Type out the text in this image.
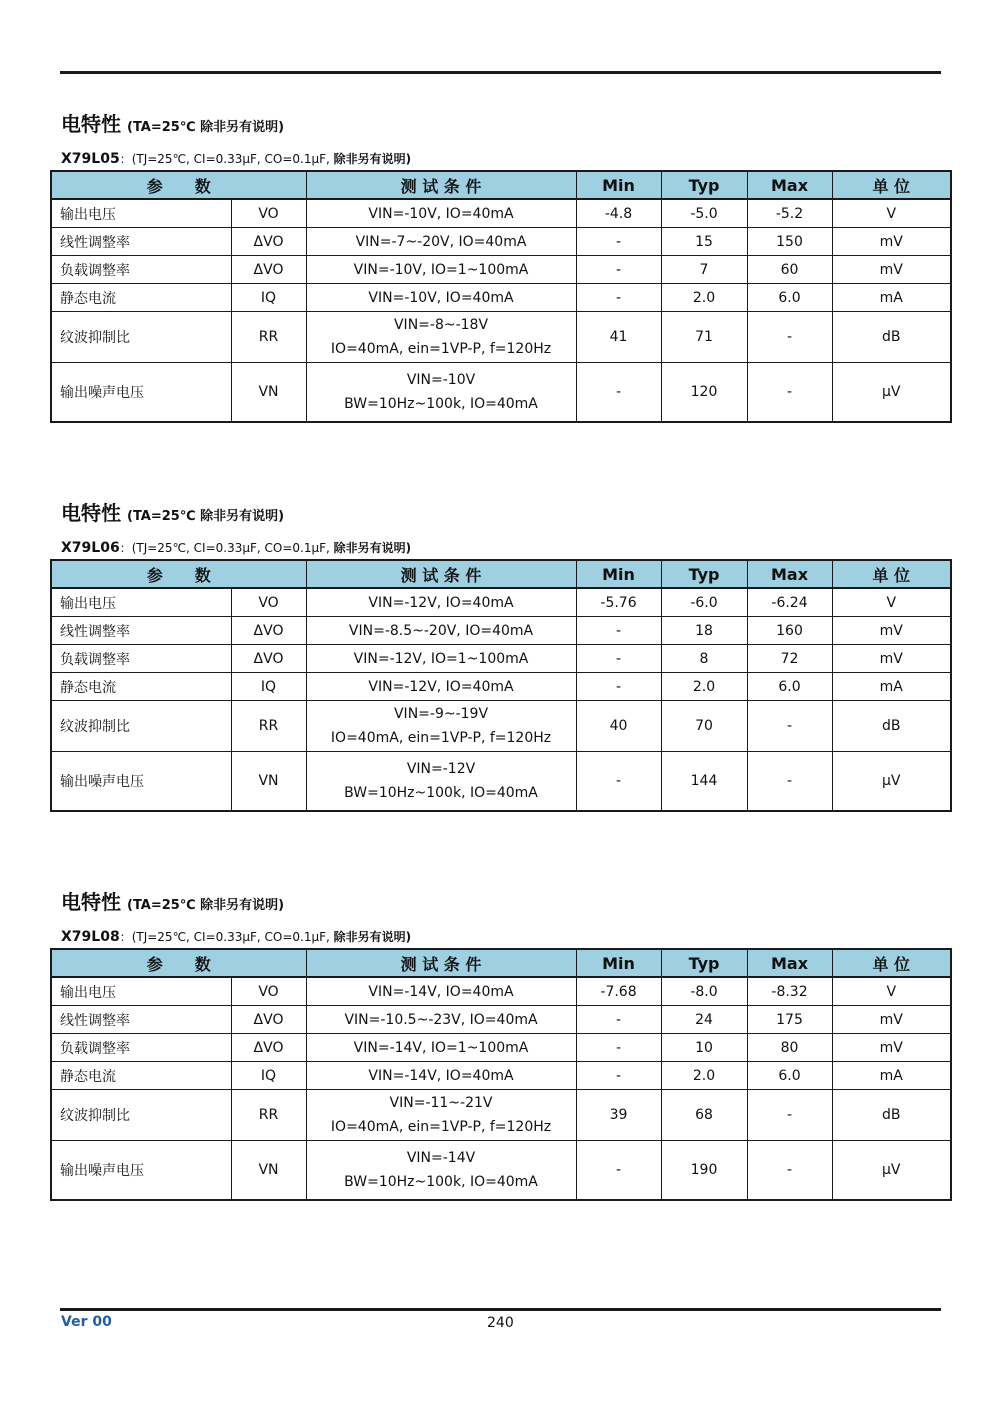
电特性 (TA=25℃ 除非另有说明)
X79L05：(TJ=25℃, CI=0.33μF, CO=0.1μF, 除非另有说明)
参　　数		测 试 条 件	Min	Typ	Max	单 位
输出电压	VO	VIN=-10V, IO=40mA	-4.8	-5.0	-5.2	V
线性调整率	ΔVO	VIN=-7~-20V, IO=40mA	-	15	150	mV
负载调整率	ΔVO	VIN=-10V, IO=1~100mA	-	7	60	mV
静态电流	IQ	VIN=-10V, IO=40mA	-	2.0	6.0	mA
纹波抑制比	RR	VIN=-8~-18V
IO=40mA, ein=1VP-P, f=120Hz	41	71	-	dB
输出噪声电压	VN	VIN=-10V
BW=10Hz~100k, IO=40mA	-	120	-	μV
电特性 (TA=25℃ 除非另有说明)
X79L06：(TJ=25℃, CI=0.33μF, CO=0.1μF, 除非另有说明)
参　　数		测 试 条 件	Min	Typ	Max	单 位
输出电压	VO	VIN=-12V, IO=40mA	-5.76	-6.0	-6.24	V
线性调整率	ΔVO	VIN=-8.5~-20V, IO=40mA	-	18	160	mV
负载调整率	ΔVO	VIN=-12V, IO=1~100mA	-	8	72	mV
静态电流	IQ	VIN=-12V, IO=40mA	-	2.0	6.0	mA
纹波抑制比	RR	VIN=-9~-19V
IO=40mA, ein=1VP-P, f=120Hz	40	70	-	dB
输出噪声电压	VN	VIN=-12V
BW=10Hz~100k, IO=40mA	-	144	-	μV
电特性 (TA=25℃ 除非另有说明)
X79L08：(TJ=25℃, CI=0.33μF, CO=0.1μF, 除非另有说明)
参　　数		测 试 条 件	Min	Typ	Max	单 位
输出电压	VO	VIN=-14V, IO=40mA	-7.68	-8.0	-8.32	V
线性调整率	ΔVO	VIN=-10.5~-23V, IO=40mA	-	24	175	mV
负载调整率	ΔVO	VIN=-14V, IO=1~100mA	-	10	80	mV
静态电流	IQ	VIN=-14V, IO=40mA	-	2.0	6.0	mA
纹波抑制比	RR	VIN=-11~-21V
IO=40mA, ein=1VP-P, f=120Hz	39	68	-	dB
输出噪声电压	VN	VIN=-14V
BW=10Hz~100k, IO=40mA	-	190	-	μV
Ver 00	240
